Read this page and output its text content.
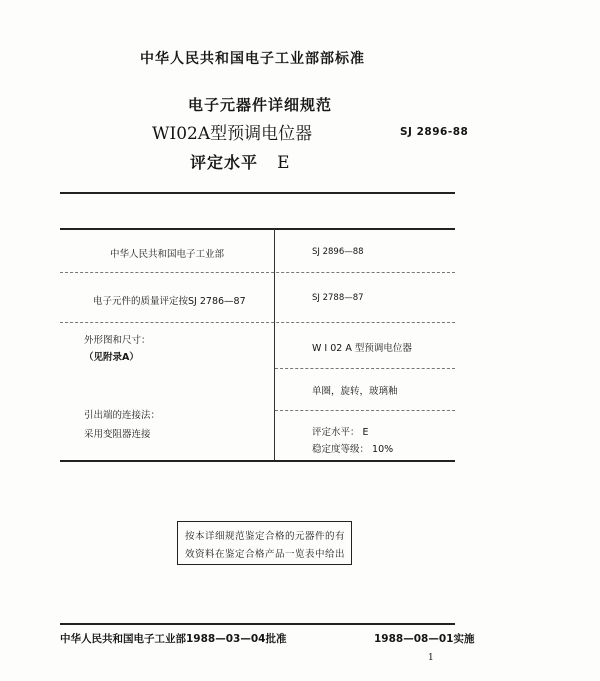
中华人民共和国电子工业部部标准
电子元器件详细规范
WI02A型预调电位器	SJ 2896-88
评定水平 E
中华人民共和国电子工业部
电子元件的质量评定按SJ 2786—87
外形图和尺寸：
（见附录A）
引出端的连接法：
采用变阻器连接
SJ 2896—88
SJ 2788—87
W I 02 A 型预调电位器
单圈，旋转，玻璃釉
评定水平： E
稳定度等级： 10%
按本详细规范鉴定合格的元器件的有
效资料在鉴定合格产品一览表中给出
中华人民共和国电子工业部1988—03—04批准	1988—08—01实施
1
